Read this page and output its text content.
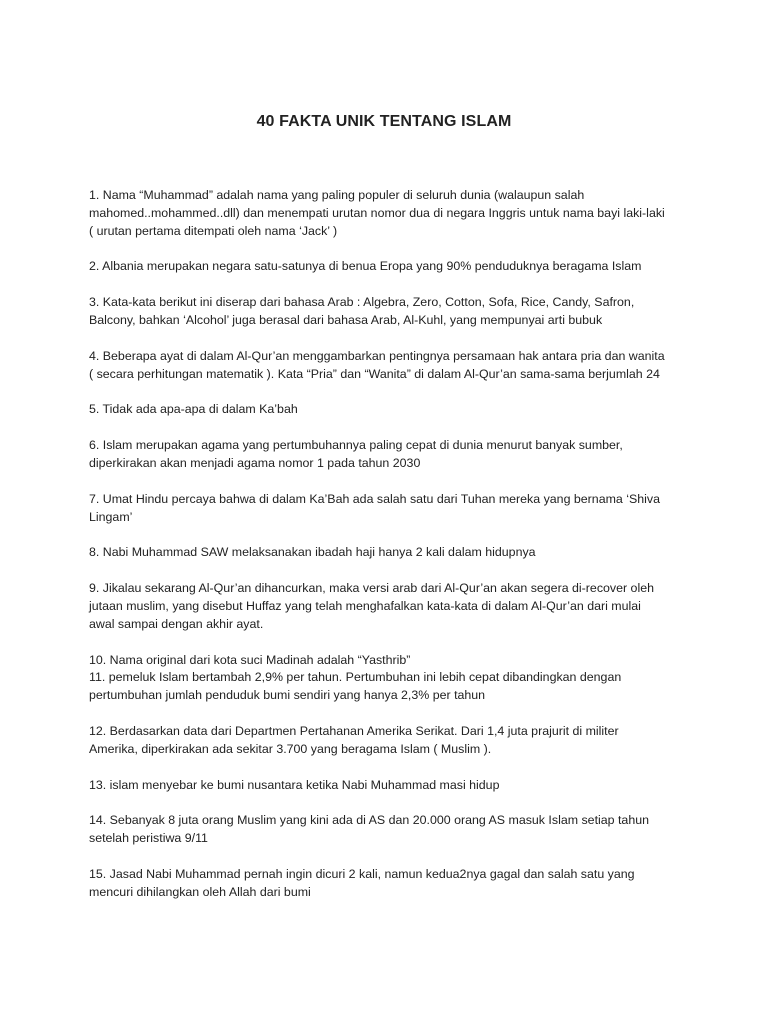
40 FAKTA UNIK TENTANG ISLAM

1. Nama “Muhammad” adalah nama yang paling populer di seluruh dunia (walaupun salah
mahomed..mohammed..dll) dan menempati urutan nomor dua di negara Inggris untuk nama bayi laki-laki
( urutan pertama ditempati oleh nama ‘Jack’ )

2. Albania merupakan negara satu-satunya di benua Eropa yang 90% penduduknya beragama Islam

3. Kata-kata berikut ini diserap dari bahasa Arab : Algebra, Zero, Cotton, Sofa, Rice, Candy, Safron,
Balcony, bahkan ‘Alcohol’ juga berasal dari bahasa Arab, Al-Kuhl, yang mempunyai arti bubuk

4. Beberapa ayat di dalam Al-Qur’an menggambarkan pentingnya persamaan hak antara pria dan wanita
( secara perhitungan matematik ). Kata “Pria” dan “Wanita” di dalam Al-Qur’an sama-sama berjumlah 24

5. Tidak ada apa-apa di dalam Ka’bah

6. Islam merupakan agama yang pertumbuhannya paling cepat di dunia menurut banyak sumber,
diperkirakan akan menjadi agama nomor 1 pada tahun 2030

7. Umat Hindu percaya bahwa di dalam Ka’Bah ada salah satu dari Tuhan mereka yang bernama ‘Shiva
Lingam’

8. Nabi Muhammad SAW melaksanakan ibadah haji hanya 2 kali dalam hidupnya

9. Jikalau sekarang Al-Qur’an dihancurkan, maka versi arab dari Al-Qur’an akan segera di-recover oleh
jutaan muslim, yang disebut Huffaz yang telah menghafalkan kata-kata di dalam Al-Qur’an dari mulai
awal sampai dengan akhir ayat.

10. Nama original dari kota suci Madinah adalah “Yasthrib”

11. pemeluk Islam bertambah 2,9% per tahun. Pertumbuhan ini lebih cepat dibandingkan dengan
pertumbuhan jumlah penduduk bumi sendiri yang hanya 2,3% per tahun

12. Berdasarkan data dari Departmen Pertahanan Amerika Serikat. Dari 1,4 juta prajurit di militer
Amerika, diperkirakan ada sekitar 3.700 yang beragama Islam ( Muslim ).

13. islam menyebar ke bumi nusantara ketika Nabi Muhammad masi hidup

14. Sebanyak 8 juta orang Muslim yang kini ada di AS dan 20.000 orang AS masuk Islam setiap tahun
setelah peristiwa 9/11

15. Jasad Nabi Muhammad pernah ingin dicuri 2 kali, namun kedua2nya gagal dan salah satu yang
mencuri dihilangkan oleh Allah dari bumi
